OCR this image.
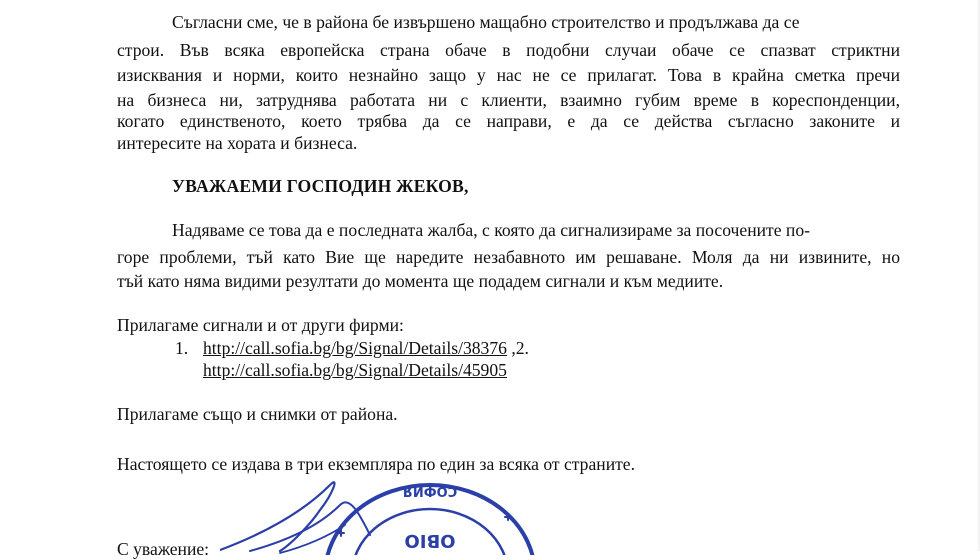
Съгласни сме, че в района бе извършено мащабно строителство и продължава да се
строи. Във всяка европейска страна обаче в подобни случаи обаче се спазват стриктни
изисквания и норми, които незнайно защо у нас не се прилагат. Това в крайна сметка пречи
на бизнеса ни, затруднява работата ни с клиенти, взаимно губим време в кореспонденции,
когато единственото, което трябва да се направи, е да се действа съгласно законите и
интересите на хората и бизнеса.
УВАЖАЕМИ ГОСПОДИН ЖЕКОВ,
Надяваме се това да е последната жалба, с която да сигнализираме за посочените по-
горе проблеми, тъй като Вие ще наредите незабавното им решаване. Моля да ни извините, но
тъй като няма видими резултати до момента ще подадем сигнали и към медиите.
Прилагаме сигнали и от други фирми:
1. http://call.sofia.bg/bg/Signal/Details/38376 ,2.
http://call.sofia.bg/bg/Signal/Details/45905
Прилагаме също и снимки от района.
Настоящето се издава в три екземпляра по един за всяка от страните.
С уважение:
СОФИЯ
OBIO
